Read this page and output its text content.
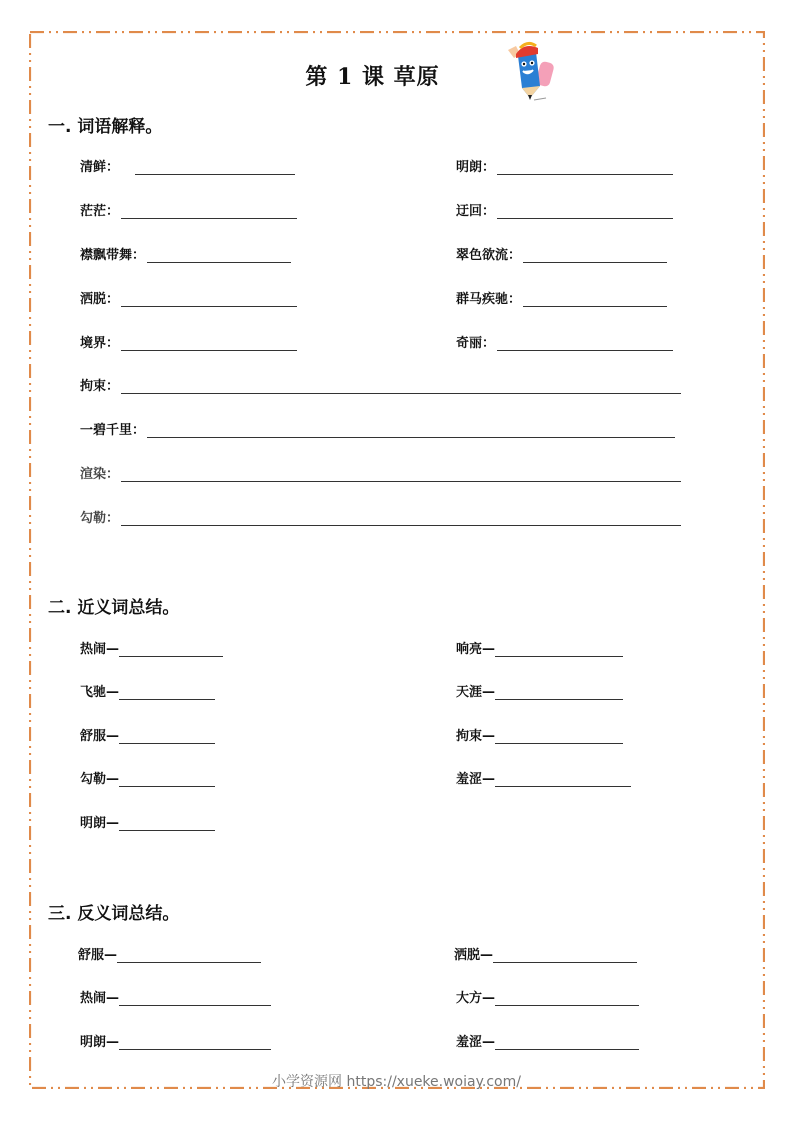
第 1 课 草原
一. 词语解释。
清鲜：	明朗：
茫茫：	迂回：
襟飘带舞：	翠色欲流：
洒脱：	群马疾驰：
境界：	奇丽：
拘束：
一碧千里：
渲染：
勾勒：
二. 近义词总结。
热闹—	响亮—
飞驰—	天涯—
舒服—	拘束—
勾勒—	羞涩—
明朗—
三. 反义词总结。
舒服—	洒脱—
热闹—	大方—
明朗—	羞涩—
小学资源网 https://xueke.woiay.com/
